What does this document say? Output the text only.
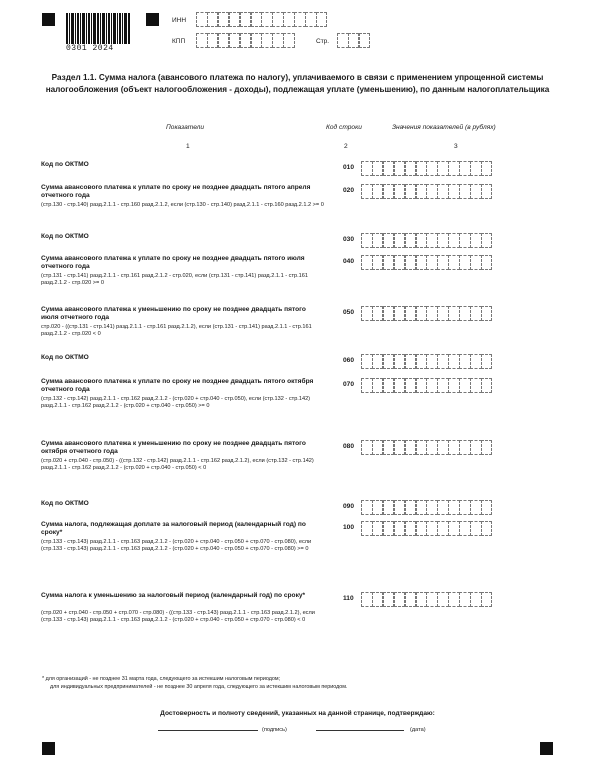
0301 2024
ИНН
КПП	Стр.
Раздел 1.1. Сумма налога (авансового платежа по налогу), уплачиваемого в связи с применением упрощенной системы налогообложения (объект налогообложения - доходы), подлежащая уплате (уменьшению), по данным налогоплательщика
Показатели	Код строки	Значения показателей (в рублях)
1	2	3
Код по ОКТМО	010
Сумма авансового платежа к уплате по сроку не позднее двадцать пятого апреля отчетного года
(стр.130 - стр.140) разд.2.1.1 - стр.160 разд.2.1.2, если (стр.130 - стр.140) разд.2.1.1 - стр.160 разд.2.1.2 >= 0
020
Код по ОКТМО	030
Сумма авансового платежа к уплате по сроку не позднее двадцать пятого июля отчетного года
(стр.131 - стр.141) разд.2.1.1 - стр.161 разд.2.1.2 - стр.020, если (стр.131 - стр.141) разд.2.1.1 - стр.161 разд.2.1.2 - стр.020 >= 0
040
Сумма авансового платежа к уменьшению по сроку не позднее двадцать пятого июля отчетного года
стр.020 - ((стр.131 - стр.141) разд.2.1.1 - стр.161 разд.2.1.2), если (стр.131 - стр.141) разд.2.1.1 - стр.161 разд.2.1.2 - стр.020 < 0
050
Код по ОКТМО	060
Сумма авансового платежа к уплате по сроку не позднее двадцать пятого октября отчетного года
(стр.132 - стр.142) разд.2.1.1 - стр.162 разд.2.1.2 - (стр.020 + стр.040 - стр.050), если (стр.132 - стр.142) разд.2.1.1 - стр.162 разд.2.1.2 - (стр.020 + стр.040 - стр.050) >= 0
070
Сумма авансового платежа к уменьшению по сроку не позднее двадцать пятого октября отчетного года
(стр.020 + стр.040 - стр.050) - ((стр.132 - стр.142) разд.2.1.1 - стр.162 разд.2.1.2), если (стр.132 - стр.142) разд.2.1.1 - стр.162 разд.2.1.2 - (стр.020 + стр.040 - стр.050) < 0
080
Код по ОКТМО	090
Сумма налога, подлежащая доплате за налоговый период (календарный год) по сроку*
(стр.133 - стр.143) разд.2.1.1 - стр.163 разд.2.1.2 - (стр.020 + стр.040 - стр.050 + стр.070 - стр.080), если (стр.133 - стр.143) разд.2.1.1 - стр.163 разд.2.1.2 - (стр.020 + стр.040 - стр.050 + стр.070 - стр.080) >= 0
100
Сумма налога к уменьшению за налоговый период (календарный год) по сроку*
(стр.020 + стр.040 - стр.050 + стр.070 - стр.080) - ((стр.133 - стр.143) разд.2.1.1 - стр.163 разд.2.1.2), если (стр.133 - стр.143) разд.2.1.1 - стр.163 разд.2.1.2 - (стр.020 + стр.040 - стр.050 + стр.070 - стр.080) < 0
110
* для организаций - не позднее 31 марта года, следующего за истекшим налоговым периодом;
для индивидуальных предпринимателей - не позднее 30 апреля года, следующего за истекшим налоговым периодом.
Достоверность и полноту сведений, указанных на данной странице, подтверждаю:
(подпись)	(дата)
